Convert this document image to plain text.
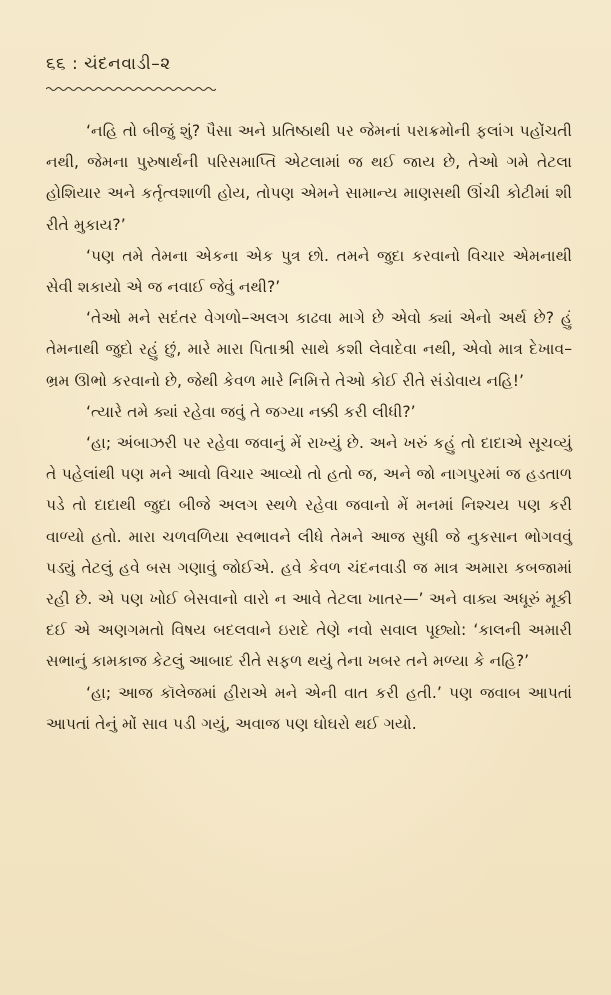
૬૬ : ચંદનવાડી–૨

‘નહિ તો બીજું શું? પૈસા અને પ્રતિષ્ઠાથી પર જેમનાં પરાક્રમોની ફલાંગ પહોંચતી નથી, જેમના પુરુષાર્થની પરિસમાપ્તિ એટલામાં જ થઈ જાય છે, તેઓ ગમે તેટલા હોશિયાર અને કર્તૃત્વશાળી હોય, તોપણ એમને સામાન્ય માણસથી ઊંચી કોટીમાં શી રીતે મુકાય?’

‘પણ તમે તેમના એકના એક પુત્ર છો. તમને જુદા કરવાનો વિચાર એમનાથી સેવી શકાયો એ જ નવાઈ જેવું નથી?’

‘તેઓ મને સદંતર વેગળો–અલગ કાઢવા માગે છે એવો ક્યાં એનો અર્થ છે? હું તેમનાથી જુદો રહું છું, મારે મારા પિતાશ્રી સાથે કશી લેવાદેવા નથી, એવો માત્ર દેખાવ–ભ્રમ ઊભો કરવાનો છે, જેથી કેવળ મારે નિમિત્તે તેઓ કોઈ રીતે સંડોવાય નહિ!’

‘ત્યારે તમે ક્યાં રહેવા જવું તે જગ્યા નક્કી કરી લીધી?’

‘હા; અંબાઝરી પર રહેવા જવાનું મેં રાખ્યું છે. અને ખરું કહું તો દાદાએ સૂચવ્યું તે પહેલાંથી પણ મને આવો વિચાર આવ્યો તો હતો જ, અને જો નાગપુરમાં જ હડતાળ પડે તો દાદાથી જુદા બીજે અલગ સ્થળે રહેવા જવાનો મેં મનમાં નિશ્ચય પણ કરી વાળ્યો હતો. મારા ચળવળિયા સ્વભાવને લીધે તેમને આજ સુધી જે નુકસાન ભોગવવું પડ્યું તેટલું હવે બસ ગણાવું જોઈએ. હવે કેવળ ચંદનવાડી જ માત્ર અમારા કબજામાં રહી છે. એ પણ ખોઈ બેસવાનો વારો ન આવે તેટલા ખાતર—’ અને વાક્ય અધૂરું મૂકી દઈ એ અણગમતો વિષય બદલવાને ઇરાદે તેણે નવો સવાલ પૂછ્યો: ‘કાલની અમારી સભાનું કામકાજ કેટલું આબાદ રીતે સફળ થયું તેના ખબર તને મળ્યા કે નહિ?’

‘હા; આજ કૉલેજમાં હીરાએ મને એની વાત કરી હતી.’ પણ જવાબ આપતાં આપતાં તેનું મોં સાવ પડી ગયું, અવાજ પણ ઘોઘરો થઈ ગયો.
